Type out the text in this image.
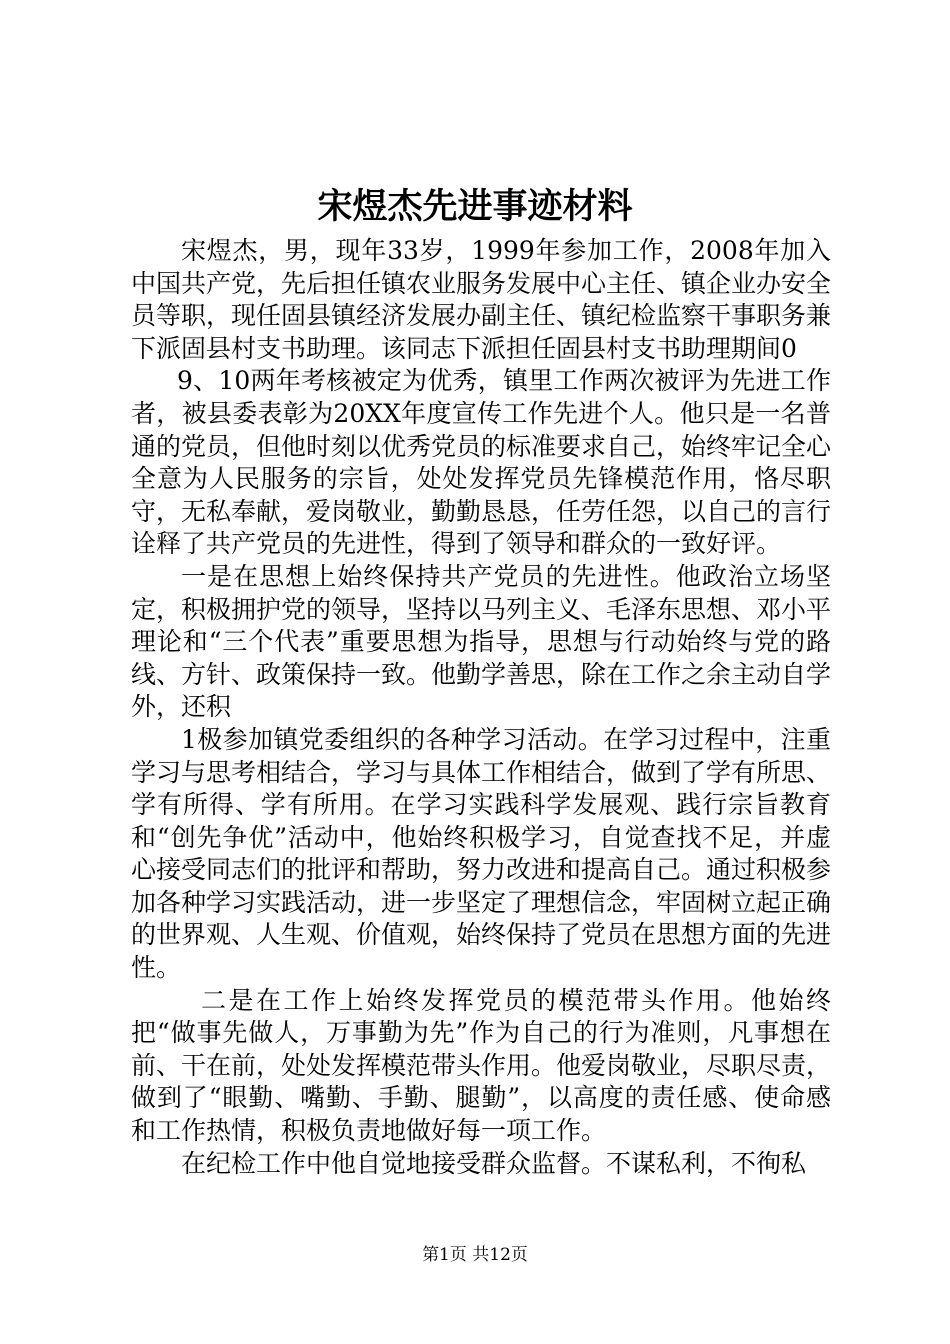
宋煜杰先进事迹材料

宋煜杰，男，现年33岁，1999年参加工作，2008年加入中国共产党，先后担任镇农业服务发展中心主任、镇企业办安全员等职，现任固县镇经济发展办副主任、镇纪检监察干事职务兼下派固县村支书助理。该同志下派担任固县村支书助理期间0

9、10两年考核被定为优秀，镇里工作两次被评为先进工作者，被县委表彰为20XX年度宣传工作先进个人。他只是一名普通的党员，但他时刻以优秀党员的标准要求自己，始终牢记全心全意为人民服务的宗旨，处处发挥党员先锋模范作用，恪尽职守，无私奉献，爱岗敬业，勤勤恳恳，任劳任怨，以自己的言行诠释了共产党员的先进性，得到了领导和群众的一致好评。

一是在思想上始终保持共产党员的先进性。他政治立场坚定，积极拥护党的领导，坚持以马列主义、毛泽东思想、邓小平理论和“三个代表”重要思想为指导，思想与行动始终与党的路线、方针、政策保持一致。他勤学善思，除在工作之余主动自学外，还积

1极参加镇党委组织的各种学习活动。在学习过程中，注重学习与思考相结合，学习与具体工作相结合，做到了学有所思、学有所得、学有所用。在学习实践科学发展观、践行宗旨教育和“创先争优”活动中，他始终积极学习，自觉查找不足，并虚心接受同志们的批评和帮助，努力改进和提高自己。通过积极参加各种学习实践活动，进一步坚定了理想信念，牢固树立起正确的世界观、人生观、价值观，始终保持了党员在思想方面的先进性。

二是在工作上始终发挥党员的模范带头作用。他始终把“做事先做人，万事勤为先”作为自己的行为准则，凡事想在前、干在前，处处发挥模范带头作用。他爱岗敬业，尽职尽责，做到了“眼勤、嘴勤、手勤、腿勤”，以高度的责任感、使命感和工作热情，积极负责地做好每一项工作。

在纪检工作中他自觉地接受群众监督。不谋私利，不徇私

第1页 共12页
